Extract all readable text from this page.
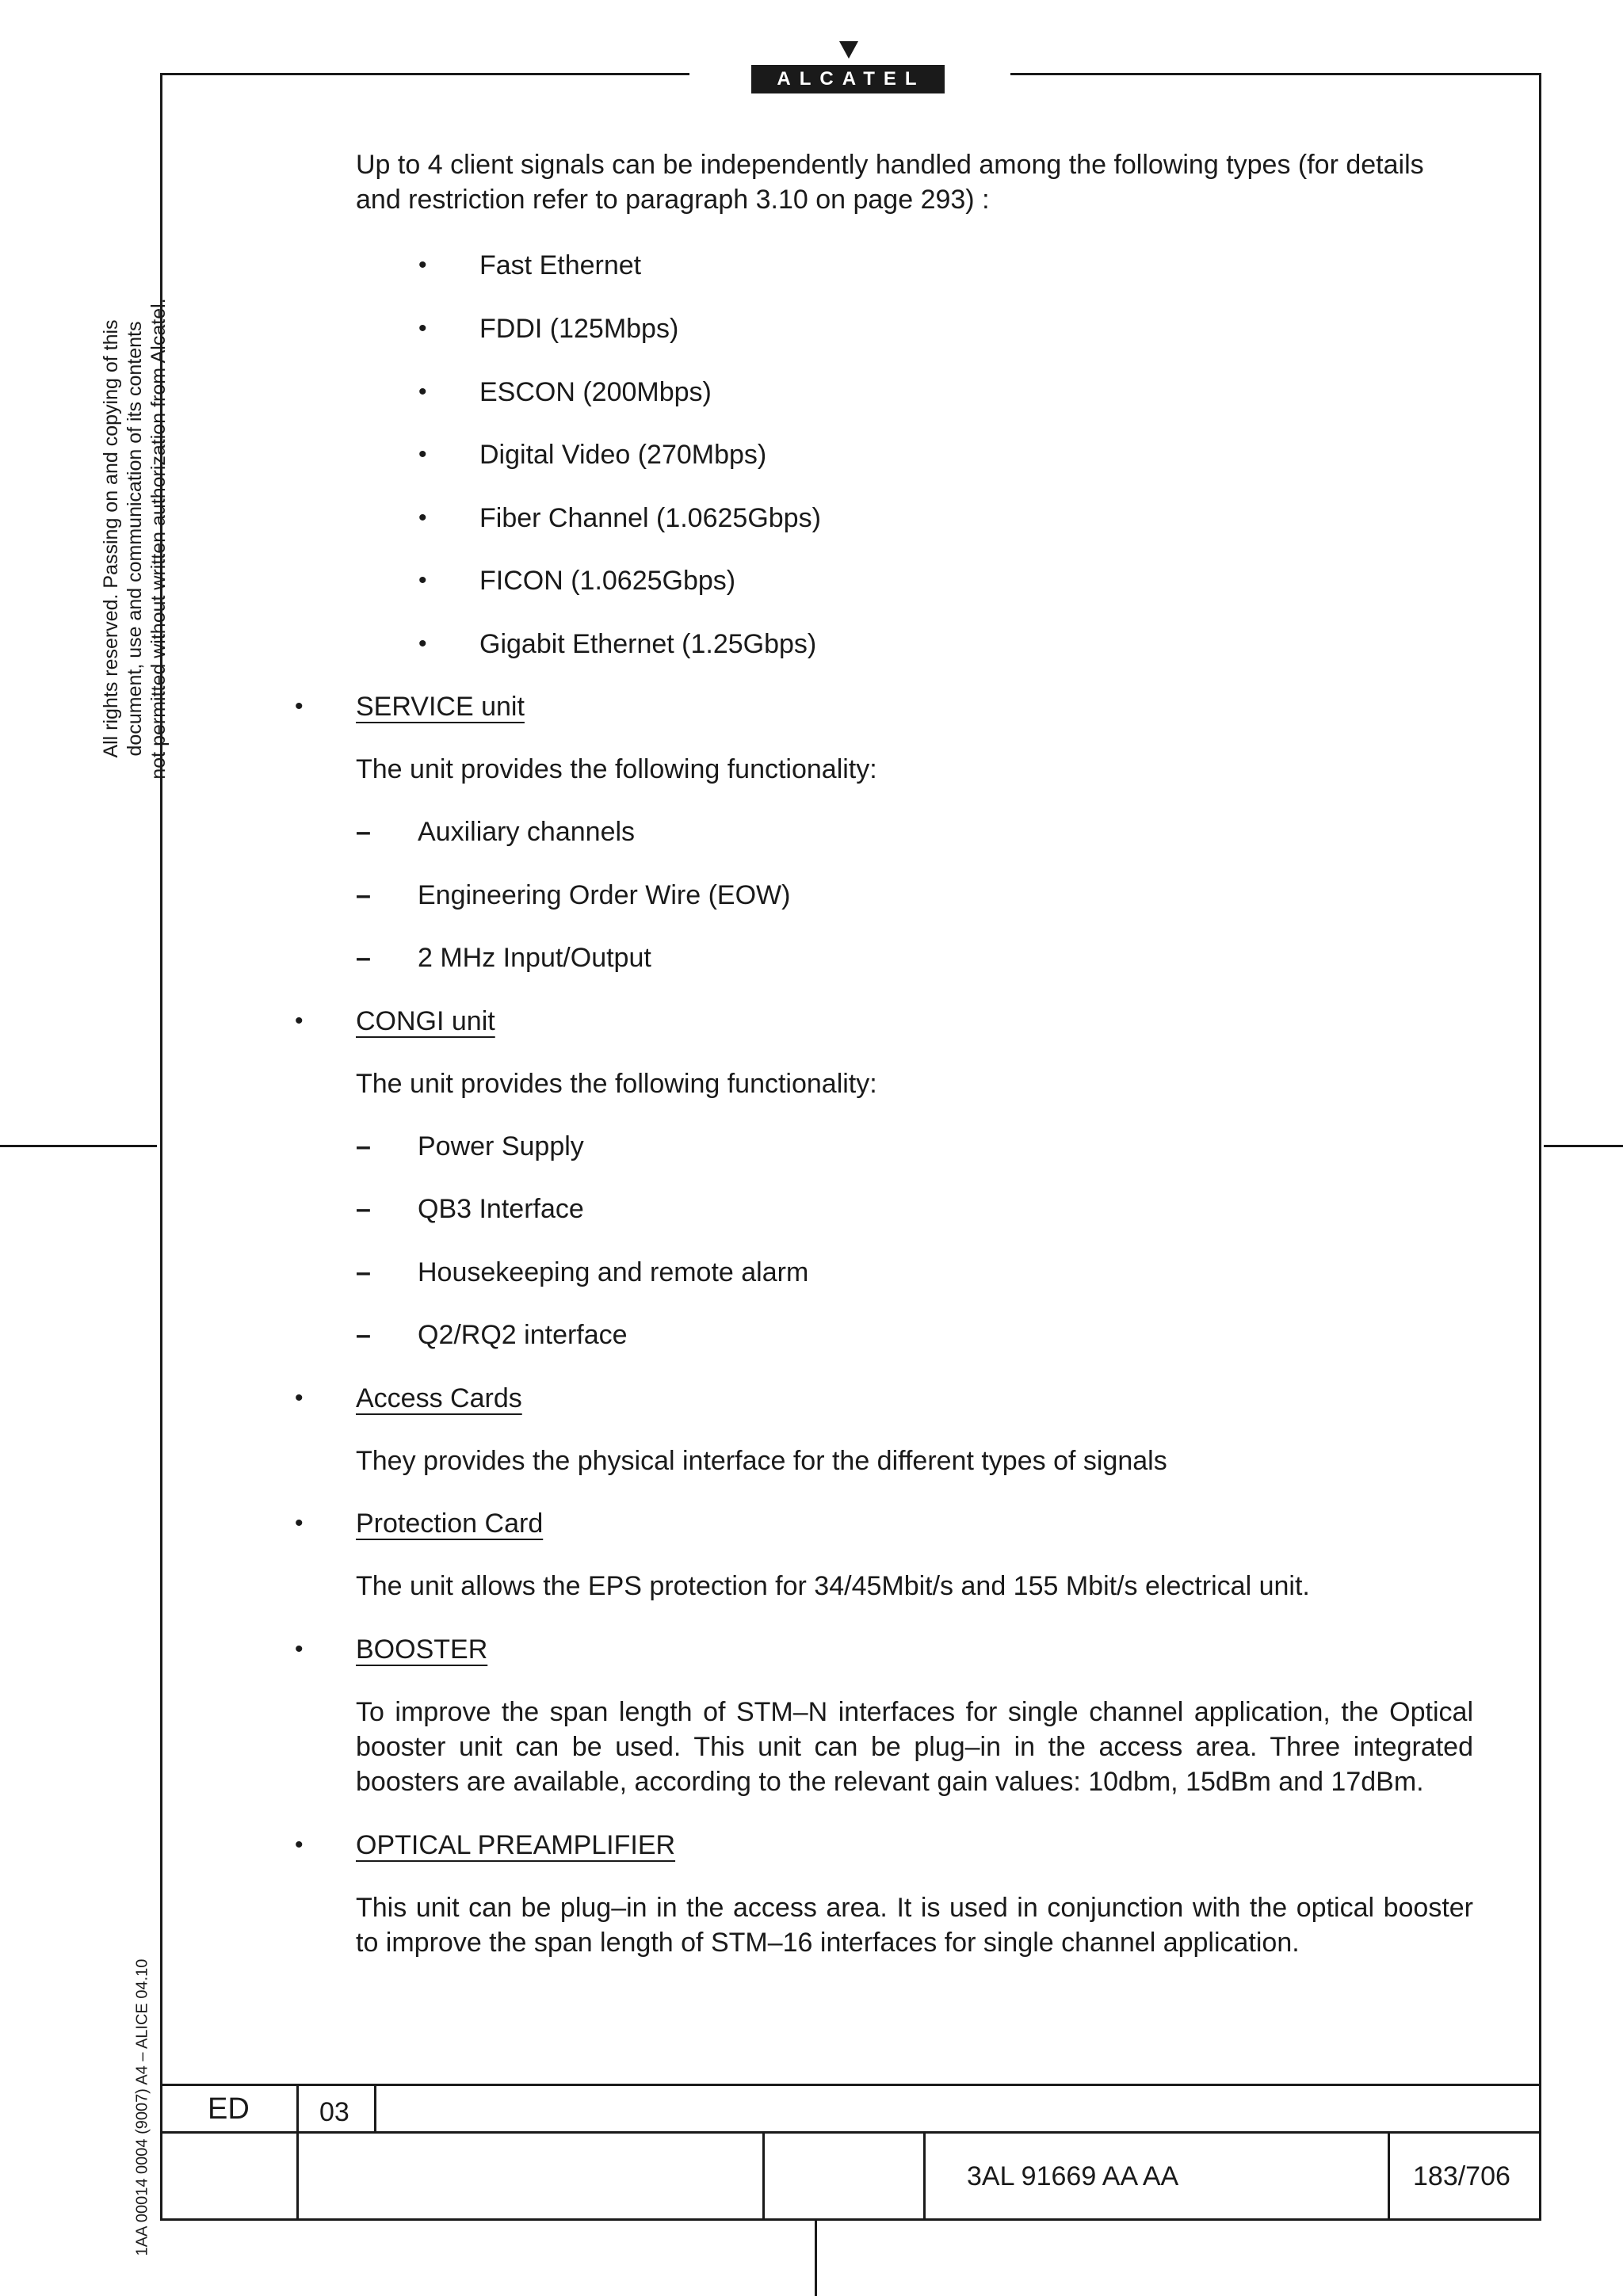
ALCATEL
All rights reserved. Passing on and copying of this document, use and communication of its contents not permitted without written authorization from Alcatel.
1AA 00014 0004 (9007) A4 – ALICE 04.10
Up to 4 client signals can be independently handled among the following types (for details and restriction refer to paragraph 3.10 on page 293) :
• Fast Ethernet
• FDDI (125Mbps)
• ESCON (200Mbps)
• Digital Video (270Mbps)
• Fiber Channel (1.0625Gbps)
• FICON (1.0625Gbps)
• Gigabit Ethernet (1.25Gbps)
• SERVICE unit
The unit provides the following functionality:
– Auxiliary channels
– Engineering Order Wire (EOW)
– 2 MHz Input/Output
• CONGI unit
The unit provides the following functionality:
– Power Supply
– QB3 Interface
– Housekeeping and remote alarm
– Q2/RQ2 interface
• Access Cards
They provides the physical interface for the different types of signals
• Protection Card
The unit allows the EPS protection for 34/45Mbit/s and 155 Mbit/s electrical unit.
• BOOSTER
To improve the span length of STM–N interfaces for single channel application, the Optical booster unit can be used. This unit can be plug–in in the access area. Three integrated boosters are available, according to the relevant gain values: 10dbm, 15dBm and 17dBm.
• OPTICAL PREAMPLIFIER
This unit can be plug–in in the access area. It is used in conjunction with the optical booster to improve the span length of STM–16 interfaces for single channel application.
ED	03
3AL 91669 AA AA	183/706
